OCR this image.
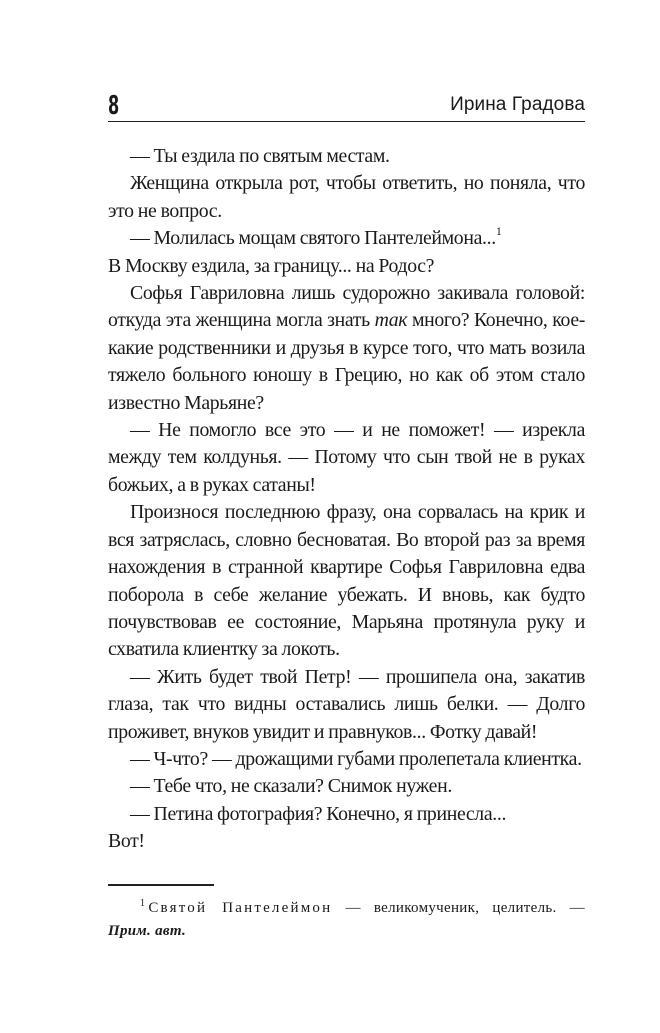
8	Ирина Градова

— Ты ездила по святым местам.

Женщина открыла рот, чтобы ответить, но поняла, что это не вопрос.

— Молилась мощам святого Пантелеймона...$^1$

В Москву ездила, за границу... на Родос?

Софья Гавриловна лишь судорожно закивала головой: откуда эта женщина могла знать так много? Конечно, кое-какие родственники и друзья в курсе того, что мать возила тяжело больного юношу в Грецию, но как об этом стало известно Марьяне?

— Не помогло все это — и не поможет! — изрекла между тем колдунья. — Потому что сын твой не в руках божьих, а в руках сатаны!

Произнося последнюю фразу, она сорвалась на крик и вся затряслась, словно бесноватая. Во второй раз за время нахождения в странной квартире Софья Гавриловна едва поборола в себе желание убежать. И вновь, как будто почувствовав ее состояние, Марьяна протянула руку и схватила клиентку за локоть.

— Жить будет твой Петр! — прошипела она, закатив глаза, так что видны оставались лишь белки. — Долго проживет, внуков увидит и правнуков... Фотку давай!

— Ч-что? — дрожащими губами пролепетала клиентка.

— Тебе что, не сказали? Снимок нужен.

— Петина фотография? Конечно, я принесла...

Вот!

$^1$ Святой Пантелеймон — великомученик, целитель. — Прим. авт.
